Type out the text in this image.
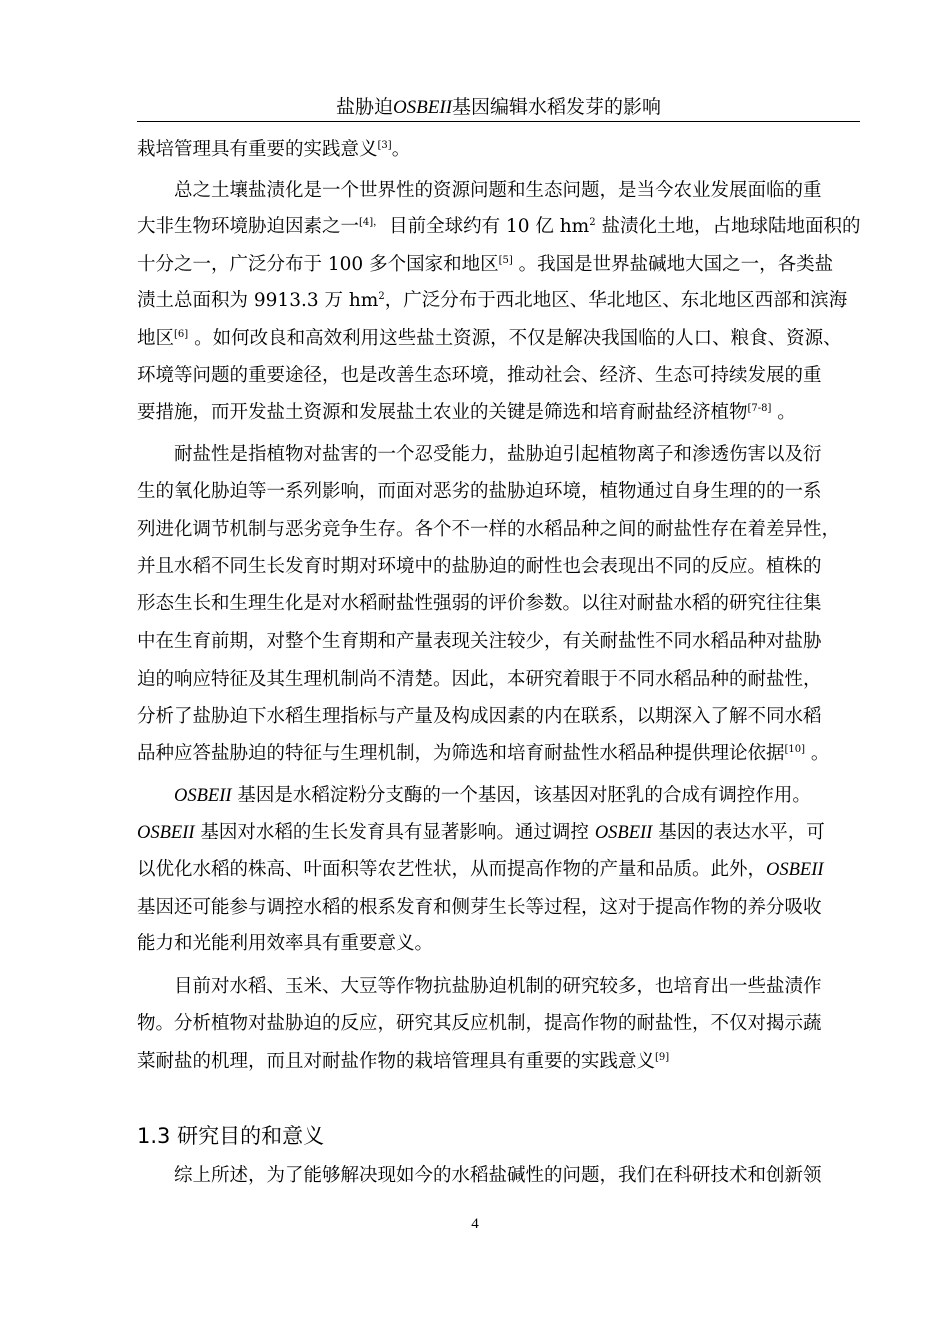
盐胁迫OSBEII基因编辑水稻发芽的影响
栽培管理具有重要的实践意义[3]。
总之土壤盐渍化是一个世界性的资源问题和生态问题，是当今农业发展面临的重
大非生物环境胁迫因素之一$^{[4],}$ 目前全球约有 10 亿 $hm^2$ 盐渍化土地，占地球陆地面积的
十分之一，广泛分布于 100 多个国家和地区[5] 。我国是世界盐碱地大国之一，各类盐
渍土总面积为 9913.3 万 $hm^2$，广泛分布于西北地区、华北地区、东北地区西部和滨海
地区[6] 。如何改良和高效利用这些盐土资源，不仅是解决我国临的人口、粮食、资源、
环境等问题的重要途径，也是改善生态环境，推动社会、经济、生态可持续发展的重
要措施，而开发盐土资源和发展盐土农业的关键是筛选和培育耐盐经济植物[7-8] 。
耐盐性是指植物对盐害的一个忍受能力，盐胁迫引起植物离子和渗透伤害以及衍
生的氧化胁迫等一系列影响，而面对恶劣的盐胁迫环境，植物通过自身生理的的一系
列进化调节机制与恶劣竞争生存。各个不一样的水稻品种之间的耐盐性存在着差异性，
并且水稻不同生长发育时期对环境中的盐胁迫的耐性也会表现出不同的反应。植株的
形态生长和生理生化是对水稻耐盐性强弱的评价参数。以往对耐盐水稻的研究往往集
中在生育前期，对整个生育期和产量表现关注较少，有关耐盐性不同水稻品种对盐胁
迫的响应特征及其生理机制尚不清楚。因此，本研究着眼于不同水稻品种的耐盐性，
分析了盐胁迫下水稻生理指标与产量及构成因素的内在联系，以期深入了解不同水稻
品种应答盐胁迫的特征与生理机制，为筛选和培育耐盐性水稻品种提供理论依据[10] 。
OSBEII 基因是水稻淀粉分支酶的一个基因，该基因对胚乳的合成有调控作用。
OSBEII 基因对水稻的生长发育具有显著影响。通过调控 OSBEII 基因的表达水平，可
以优化水稻的株高、叶面积等农艺性状，从而提高作物的产量和品质。此外，OSBEII
基因还可能参与调控水稻的根系发育和侧芽生长等过程，这对于提高作物的养分吸收
能力和光能利用效率具有重要意义。
目前对水稻、玉米、大豆等作物抗盐胁迫机制的研究较多，也培育出一些盐渍作
物。分析植物对盐胁迫的反应，研究其反应机制，提高作物的耐盐性，不仅对揭示蔬
菜耐盐的机理，而且对耐盐作物的栽培管理具有重要的实践意义[9]
综上所述，为了能够解决现如今的水稻盐碱性的问题，我们在科研技术和创新领
1.3 研究目的和意义
4
